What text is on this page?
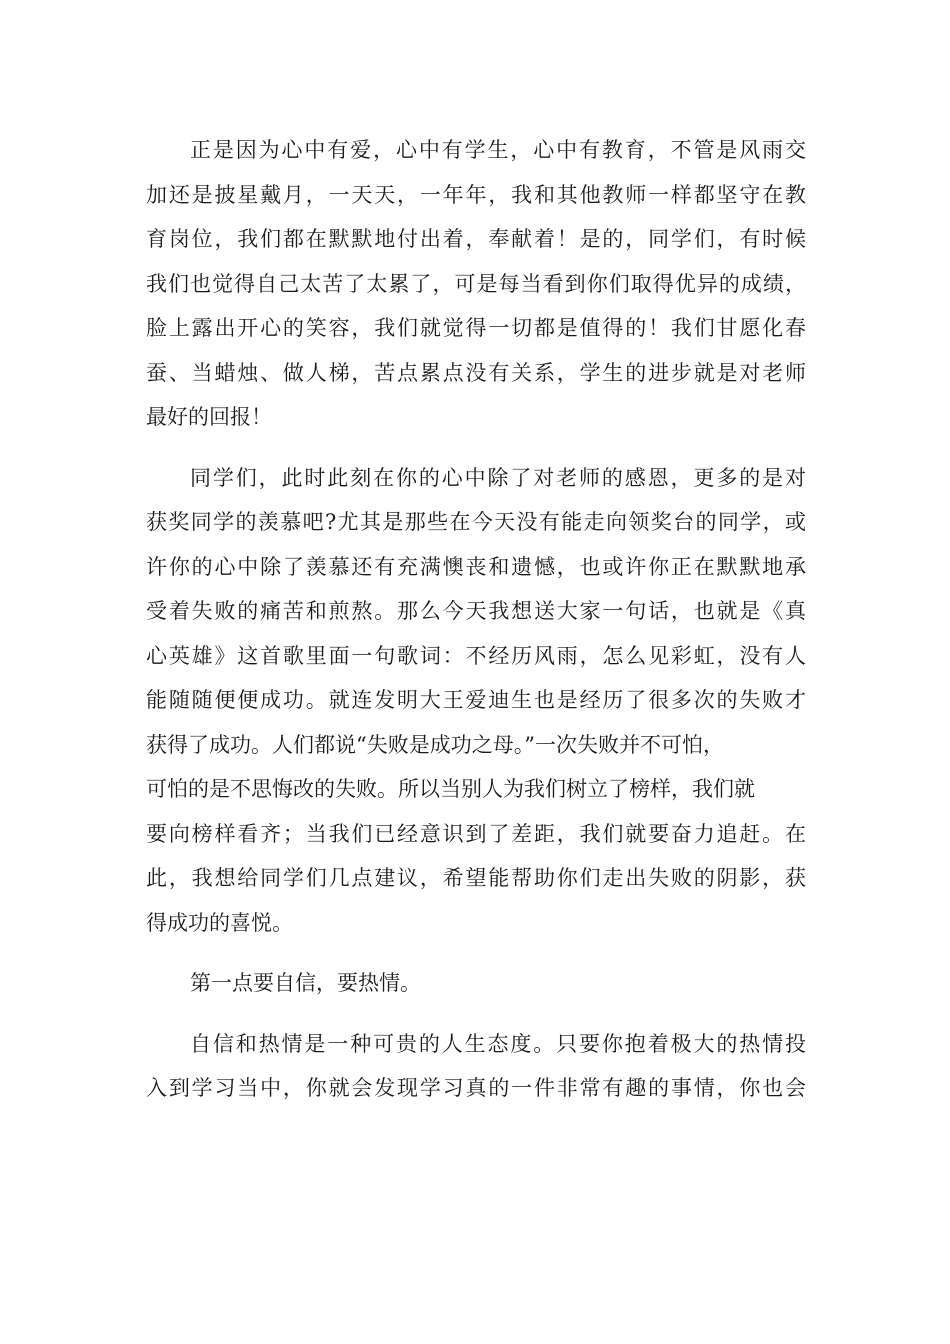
正是因为心中有爱，心中有学生，心中有教育，不管是风雨交
加还是披星戴月，一天天，一年年，我和其他教师一样都坚守在教
育岗位，我们都在默默地付出着，奉献着！是的，同学们，有时候
我们也觉得自己太苦了太累了，可是每当看到你们取得优异的成绩，
脸上露出开心的笑容，我们就觉得一切都是值得的！我们甘愿化春
蚕、当蜡烛、做人梯，苦点累点没有关系，学生的进步就是对老师
最好的回报！
同学们，此时此刻在你的心中除了对老师的感恩，更多的是对
获奖同学的羡慕吧?尤其是那些在今天没有能走向领奖台的同学，或
许你的心中除了羡慕还有充满懊丧和遗憾，也或许你正在默默地承
受着失败的痛苦和煎熬。那么今天我想送大家一句话，也就是《真
心英雄》这首歌里面一句歌词：不经历风雨，怎么见彩虹，没有人
能随随便便成功。就连发明大王爱迪生也是经历了很多次的失败才
获得了成功。人们都说“失败是成功之母。”一次失败并不可怕，
可怕的是不思悔改的失败。所以当别人为我们树立了榜样，我们就
要向榜样看齐；当我们已经意识到了差距，我们就要奋力追赶。在
此，我想给同学们几点建议，希望能帮助你们走出失败的阴影，获
得成功的喜悦。
第一点要自信，要热情。
自信和热情是一种可贵的人生态度。只要你抱着极大的热情投
入到学习当中，你就会发现学习真的一件非常有趣的事情，你也会
